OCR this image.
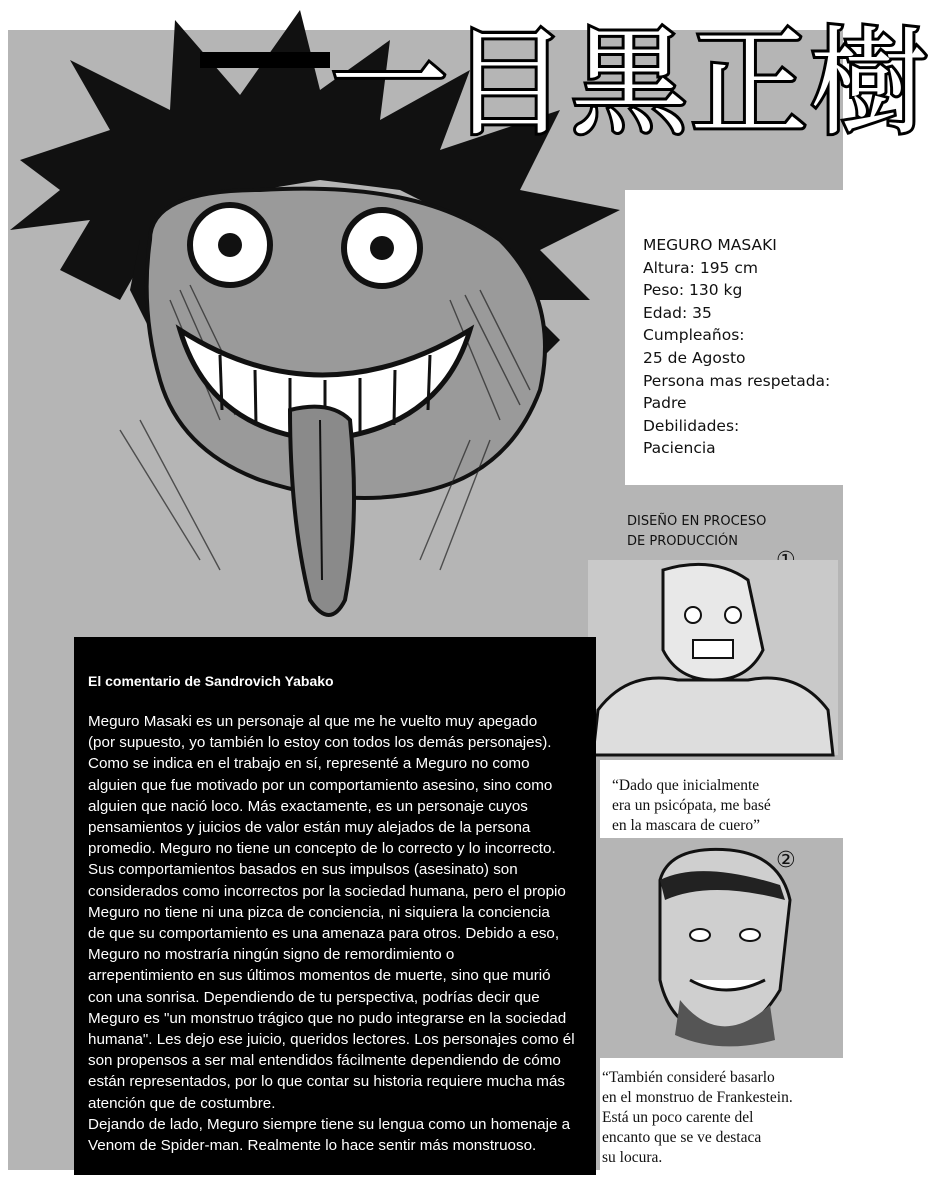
一目黒正樹
MEGURO MASAKI
Altura: 195 cm
Peso: 130 kg
Edad: 35
Cumpleaños:
25 de Agosto
Persona mas respetada:
Padre
Debilidades:
Paciencia
DISEÑO EN PROCESO
DE PRODUCCIÓN
“Dado que inicialmente
era un psicópata, me basé
en la mascara de cuero”
②
“También consideré basarlo
en el monstruo de Frankestein.
Está un poco carente del
encanto que se ve destaca
su locura.
El comentario de Sandrovich Yabako
Meguro Masaki es un personaje al que me he vuelto muy apegado
(por supuesto, yo también lo estoy con todos los demás personajes).
Como se indica en el trabajo en sí, representé a Meguro no como
alguien que fue motivado por un comportamiento asesino, sino como
alguien que nació loco. Más exactamente, es un personaje cuyos
pensamientos y juicios de valor están muy alejados de la persona
promedio. Meguro no tiene un concepto de lo correcto y lo incorrecto.
Sus comportamientos basados en sus impulsos (asesinato) son
considerados como incorrectos por la sociedad humana, pero el propio
Meguro no tiene ni una pizca de conciencia, ni siquiera la conciencia
de que su comportamiento es una amenaza para otros. Debido a eso,
Meguro no mostraría ningún signo de remordimiento o
arrepentimiento en sus últimos momentos de muerte, sino que murió
con una sonrisa. Dependiendo de tu perspectiva, podrías decir que
Meguro es "un monstruo trágico que no pudo integrarse en la sociedad
humana". Les dejo ese juicio, queridos lectores. Los personajes como él
son propensos a ser mal entendidos fácilmente dependiendo de cómo
están representados, por lo que contar su historia requiere mucha más
atención que de costumbre.
Dejando de lado, Meguro siempre tiene su lengua como un homenaje a
Venom de Spider-man. Realmente lo hace sentir más monstruoso.
